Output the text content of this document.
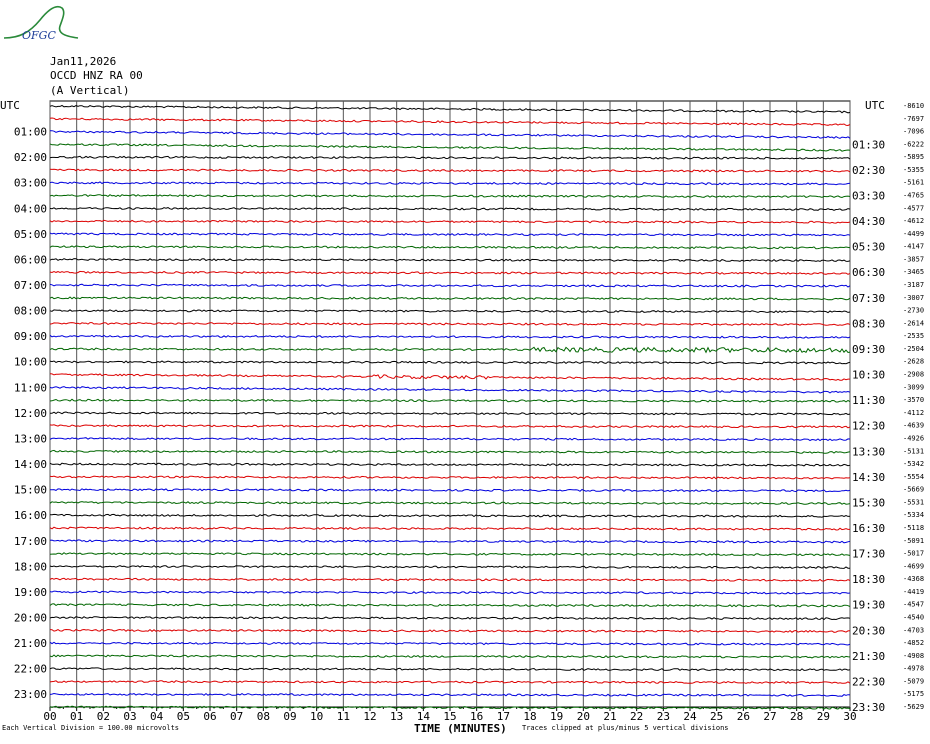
OFGC
Jan11,2026
OCCD HNZ RA 00
(A Vertical)
UTC	UTC
01:00
02:00
03:00
04:00
05:00
06:00
07:00
08:00
09:00
10:00
11:00
12:00
13:00
14:00
15:00
16:00
17:00
18:00
19:00
20:00
21:00
22:00
23:00
01:30
02:30
03:30
04:30
05:30
06:30
07:30
08:30
09:30
10:30
11:30
12:30
13:30
14:30
15:30
16:30
17:30
18:30
19:30
20:30
21:30
22:30
23:30
-8610
-7697
-7096
-6222
-5895
-5355
-5161
-4765
-4577
-4612
-4499
-4147
-3857
-3465
-3187
-3007
-2730
-2614
-2535
-2504
-2628
-2908
-3099
-3570
-4112
-4639
-4926
-5131
-5342
-5554
-5669
-5531
-5334
-5118
-5091
-5017
-4699
-4368
-4419
-4547
-4540
-4703
-4852
-4908
-4978
-5079
-5175
-5629
00 01 02 03 04 05 06 07 08 09 10 11 12 13 14 15 16 17 18 19 20 21 22 23 24 25 26 27 28 29 30
Each Vertical Division = 100.00 microvolts	TIME (MINUTES) Traces clipped at plus/minus 5 vertical divisions
